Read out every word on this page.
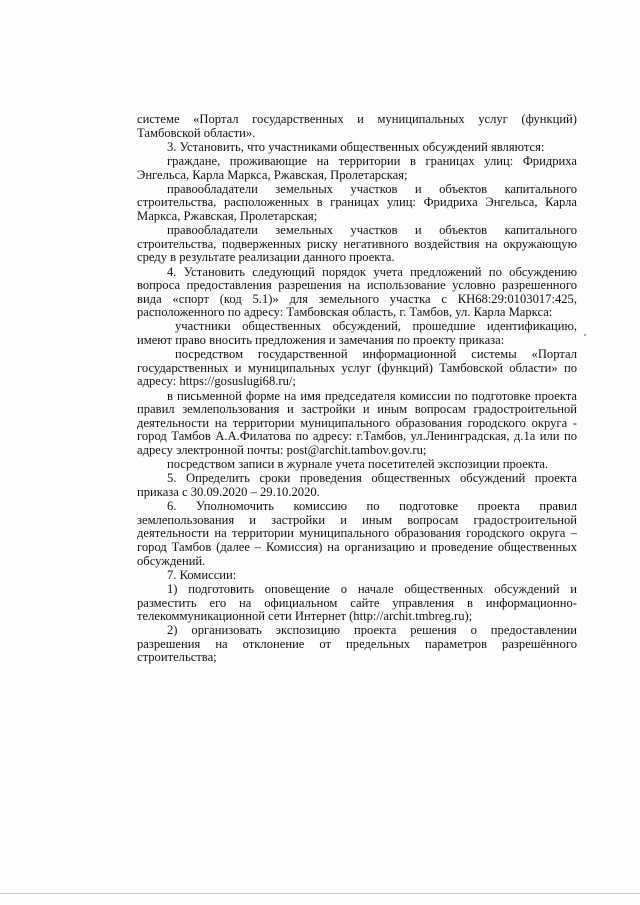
системе «Портал государственных и муниципальных услуг (функций) Тамбовской области».

3. Установить, что участниками общественных обсуждений являются:

граждане, проживающие на территории в границах улиц: Фридриха Энгельса, Карла Маркса, Ржавская, Пролетарская;

правообладатели земельных участков и объектов капитального строительства, расположенных в границах улиц: Фридриха Энгельса, Карла Маркса, Ржавская, Пролетарская;

правообладатели земельных участков и объектов капитального строительства, подверженных риску негативного воздействия на окружающую среду в результате реализации данного проекта.

4. Установить следующий порядок учета предложений по обсуждению вопроса предоставления разрешения на использование условно разрешенного вида «спорт (код 5.1)» для земельного участка с КН68:29:0103017:425, расположенного по адресу: Тамбовская область, г. Тамбов, ул. Карла Маркса:

участники общественных обсуждений, прошедшие идентификацию, имеют право вносить предложения и замечания по проекту приказа:

посредством государственной информационной системы «Портал государственных и муниципальных услуг (функций) Тамбовской области» по адресу: https://gosuslugi68.ru/;

в письменной форме на имя председателя комиссии по подготовке проекта правил землепользования и застройки и иным вопросам градостроительной деятельности на территории муниципального образования городского округа - город Тамбов А.А.Филатова по адресу: г.Тамбов, ул.Ленинградская, д.1а или по адресу электронной почты: post@archit.tambov.gov.ru;

посредством записи в журнале учета посетителей экспозиции проекта.

5. Определить сроки проведения общественных обсуждений проекта приказа с 30.09.2020 – 29.10.2020.

6. Уполномочить комиссию по подготовке проекта правил землепользования и застройки и иным вопросам градостроительной деятельности на территории муниципального образования городского округа – город Тамбов (далее – Комиссия) на организацию и проведение общественных обсуждений.

7. Комиссии:

1) подготовить оповещение о начале общественных обсуждений и разместить его на официальном сайте управления в информационно-телекоммуникационной сети Интернет (http://archit.tmbreg.ru);

2) организовать экспозицию проекта решения о предоставлении разрешения на отклонение от предельных параметров разрешённого строительства;
